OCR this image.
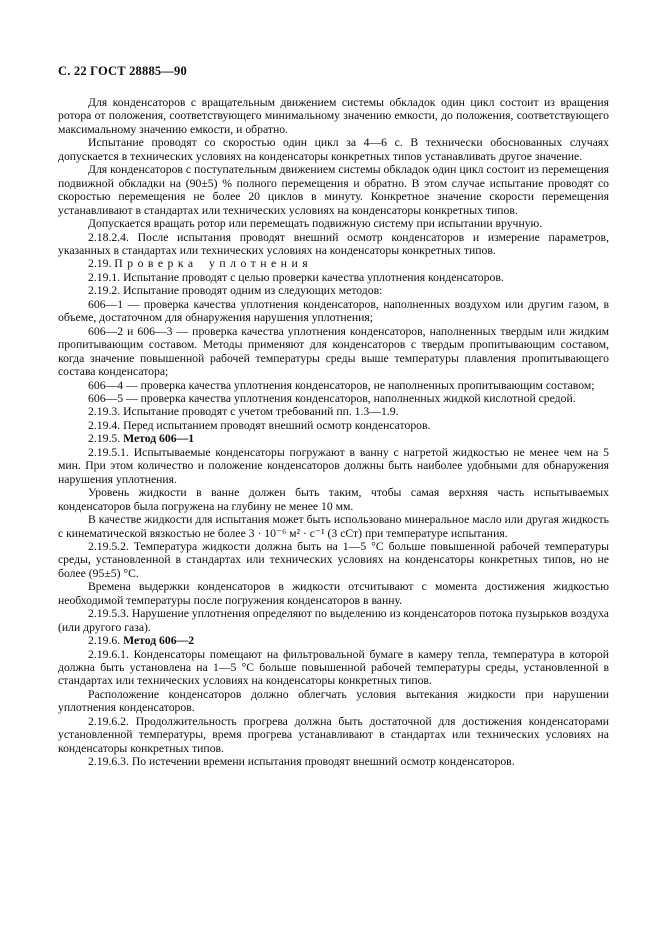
С. 22 ГОСТ 28885—90

Для конденсаторов с вращательным движением системы обкладок один цикл состоит из вращения ротора от положения, соответствующего минимальному значению емкости, до положения, соответствующего максимальному значению емкости, и обратно.

Испытание проводят со скоростью один цикл за 4—6 с. В технически обоснованных случаях допускается в технических условиях на конденсаторы конкретных типов устанавливать другое значение.

Для конденсаторов с поступательным движением системы обкладок один цикл состоит из перемещения подвижной обкладки на (90±5) % полного перемещения и обратно. В этом случае испытание проводят со скоростью перемещения не более 20 циклов в минуту. Конкретное значение скорости перемещения устанавливают в стандартах или технических условиях на конденсаторы конкретных типов.

Допускается вращать ротор или перемещать подвижную систему при испытании вручную.

2.18.2.4. После испытания проводят внешний осмотр конденсаторов и измерение параметров, указанных в стандартах или технических условиях на конденсаторы конкретных типов.

2.19. Проверка уплотнения

2.19.1. Испытание проводят с целью проверки качества уплотнения конденсаторов.

2.19.2. Испытание проводят одним из следующих методов:

606—1 — проверка качества уплотнения конденсаторов, наполненных воздухом или другим газом, в объеме, достаточном для обнаружения нарушения уплотнения;

606—2 и 606—3 — проверка качества уплотнения конденсаторов, наполненных твердым или жидким пропитывающим составом. Методы применяют для конденсаторов с твердым пропитывающим составом, когда значение повышенной рабочей температуры среды выше температуры плавления пропитывающего состава конденсатора;

606—4 — проверка качества уплотнения конденсаторов, не наполненных пропитывающим составом;

606—5 — проверка качества уплотнения конденсаторов, наполненных жидкой кислотной средой.

2.19.3. Испытание проводят с учетом требований пп. 1.3—1.9.

2.19.4. Перед испытанием проводят внешний осмотр конденсаторов.

2.19.5. Метод 606—1

2.19.5.1. Испытываемые конденсаторы погружают в ванну с нагретой жидкостью не менее чем на 5 мин. При этом количество и положение конденсаторов должны быть наиболее удобными для обнаружения нарушения уплотнения.

Уровень жидкости в ванне должен быть таким, чтобы самая верхняя часть испытываемых конденсаторов была погружена на глубину не менее 10 мм.

В качестве жидкости для испытания может быть использовано минеральное масло или другая жидкость с кинематической вязкостью не более 3 · 10⁻⁶ м² · с⁻¹ (3 сСт) при температуре испытания.

2.19.5.2. Температура жидкости должна быть на 1—5 °С больше повышенной рабочей температуры среды, установленной в стандартах или технических условиях на конденсаторы конкретных типов, но не более (95±5) °С.

Времена выдержки конденсаторов в жидкости отсчитывают с момента достижения жидкостью необходимой температуры после погружения конденсаторов в ванну.

2.19.5.3. Нарушение уплотнения определяют по выделению из конденсаторов потока пузырьков воздуха (или другого газа).

2.19.6. Метод 606—2

2.19.6.1. Конденсаторы помещают на фильтровальной бумаге в камеру тепла, температура в которой должна быть установлена на 1—5 °С больше повышенной рабочей температуры среды, установленной в стандартах или технических условиях на конденсаторы конкретных типов.

Расположение конденсаторов должно облегчать условия вытекания жидкости при нарушении уплотнения конденсаторов.

2.19.6.2. Продолжительность прогрева должна быть достаточной для достижения конденсаторами установленной температуры, время прогрева устанавливают в стандартах или технических условиях на конденсаторы конкретных типов.

2.19.6.3. По истечении времени испытания проводят внешний осмотр конденсаторов.
